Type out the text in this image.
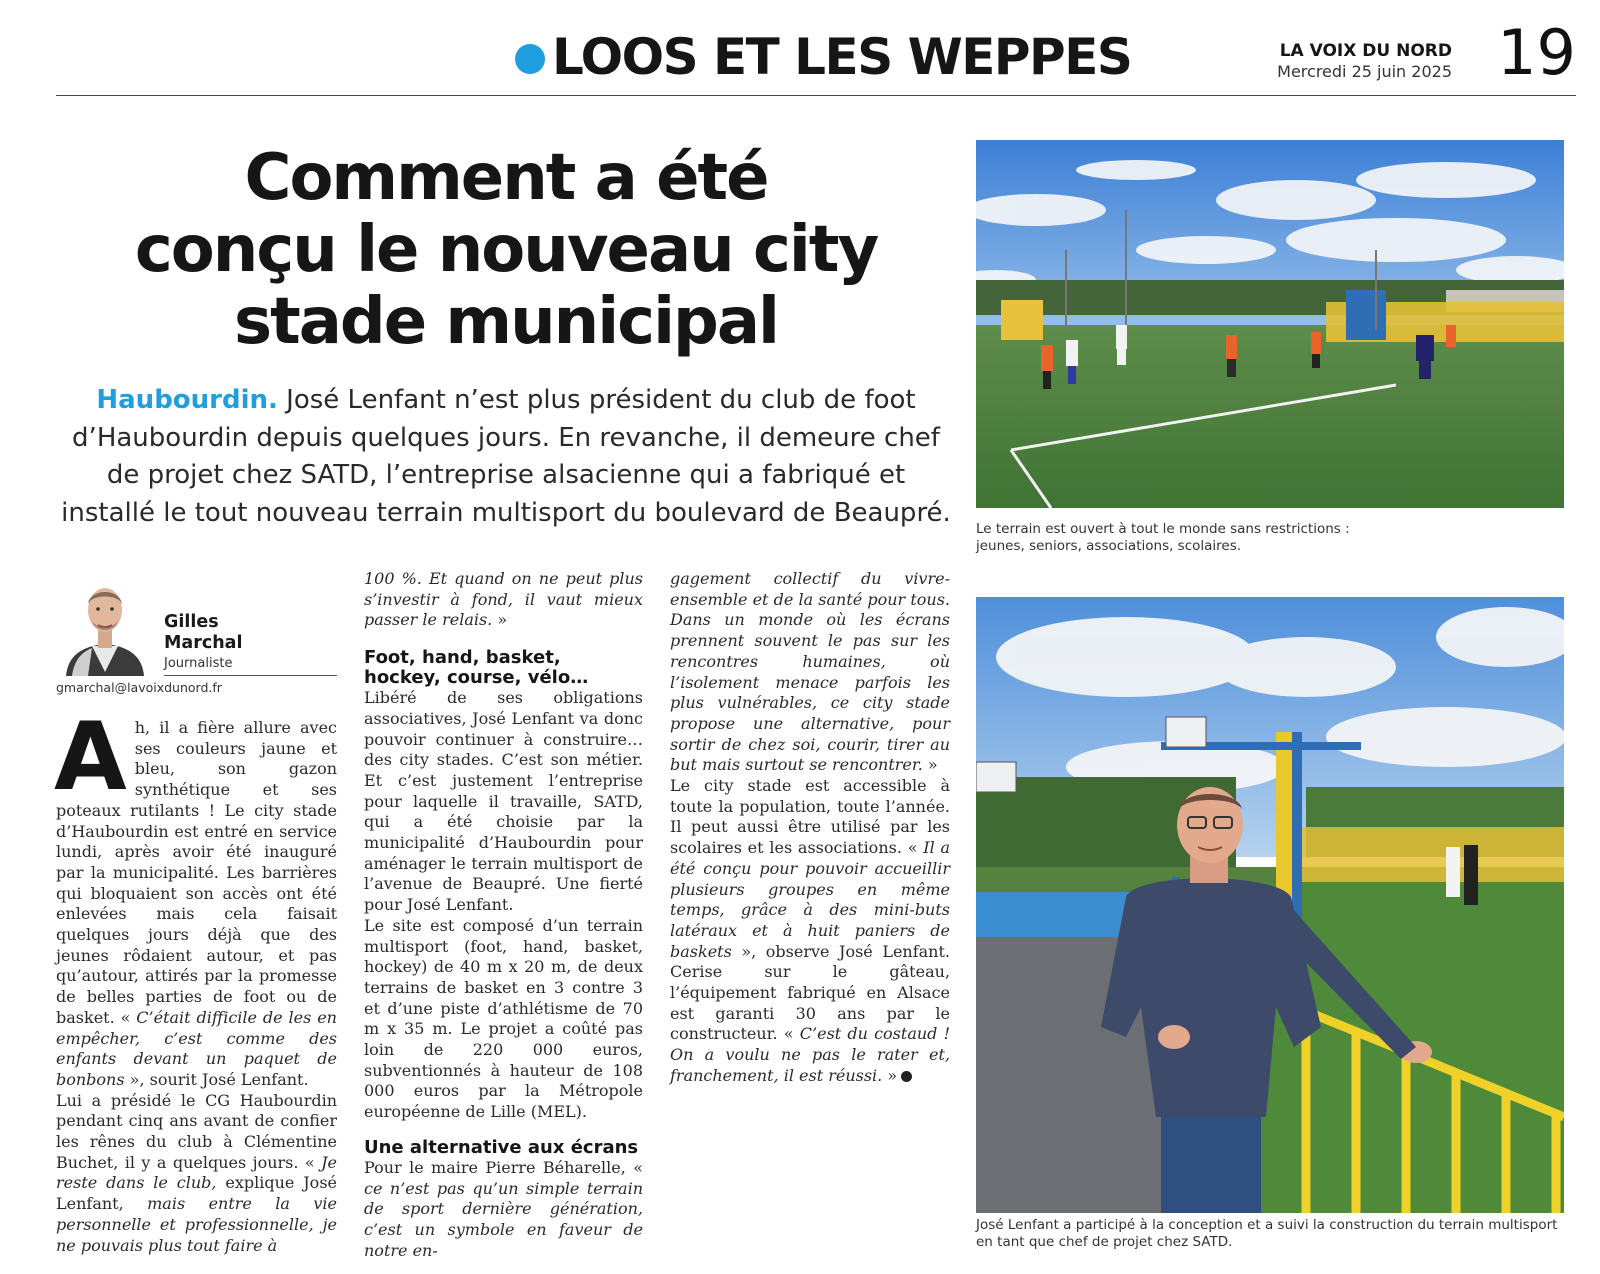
LOOS ET LES WEPPES	LA VOIX DU NORD
Mercredi 25 juin 2025 19
Comment a été
conçu le nouveau city
stade municipal

Haubourdin. José Lenfant n’est plus président du club de foot d’Haubourdin depuis quelques jours. En revanche, il demeure chef de projet chez SATD, l’entreprise alsacienne qui a fabriqué et installé le tout nouveau terrain multisport du boulevard de Beaupré.

Gilles
Marchal
Journaliste
gmarchal@lavoixdunord.fr

Ah, il a fière allure avec ses couleurs jaune et bleu, son gazon synthétique et ses poteaux rutilants ! Le city stade d’Haubourdin est entré en service lundi, après avoir été inauguré par la municipalité. Les barrières qui bloquaient son accès ont été enlevées mais cela faisait quelques jours déjà que des jeunes rôdaient autour, et pas qu’autour, attirés par la promesse de belles parties de foot ou de basket. « C’était difficile de les en empêcher, c’est comme des enfants devant un paquet de bonbons », sourit José Lenfant.

Lui a présidé le CG Haubourdin pendant cinq ans avant de confier les rênes du club à Clémentine Buchet, il y a quelques jours. « Je reste dans le club, explique José Lenfant, mais entre la vie personnelle et professionnelle, je ne pouvais plus tout faire à

100 %. Et quand on ne peut plus s’investir à fond, il vaut mieux passer le relais. »

Foot, hand, basket, hockey, course, vélo…

Libéré de ses obligations associatives, José Lenfant va donc pouvoir continuer à construire… des city stades. C’est son métier. Et c’est justement l’entreprise pour laquelle il travaille, SATD, qui a été choisie par la municipalité d’Haubourdin pour aménager le terrain multisport de l’avenue de Beaupré. Une fierté pour José Lenfant.

Le site est composé d’un terrain multisport (foot, hand, basket, hockey) de 40 m x 20 m, de deux terrains de basket en 3 contre 3 et d’une piste d’athlétisme de 70 m x 35 m. Le projet a coûté pas loin de 220 000 euros, subventionnés à hauteur de 108 000 euros par la Métropole européenne de Lille (MEL).

Une alternative aux écrans

Pour le maire Pierre Béharelle, « ce n’est pas qu’un simple terrain de sport dernière génération, c’est un symbole en faveur de notre en-

gagement collectif du vivre-ensemble et de la santé pour tous. Dans un monde où les écrans prennent souvent le pas sur les rencontres humaines, où l’isolement menace parfois les plus vulnérables, ce city stade propose une alternative, pour sortir de chez soi, courir, tirer au but mais surtout se rencontrer. »

Le city stade est accessible à toute la population, toute l’année. Il peut aussi être utilisé par les scolaires et les associations. « Il a été conçu pour pouvoir accueillir plusieurs groupes en même temps, grâce à des mini-buts latéraux et à huit paniers de baskets », observe José Lenfant. Cerise sur le gâteau, l’équipement fabriqué en Alsace est garanti 30 ans par le constructeur. « C’est du costaud ! On a voulu ne pas le rater et, franchement, il est réussi. »

Le terrain est ouvert à tout le monde sans restrictions :
jeunes, seniors, associations, scolaires.
José Lenfant a participé à la conception et a suivi la construction du terrain multisport
en tant que chef de projet chez SATD.
